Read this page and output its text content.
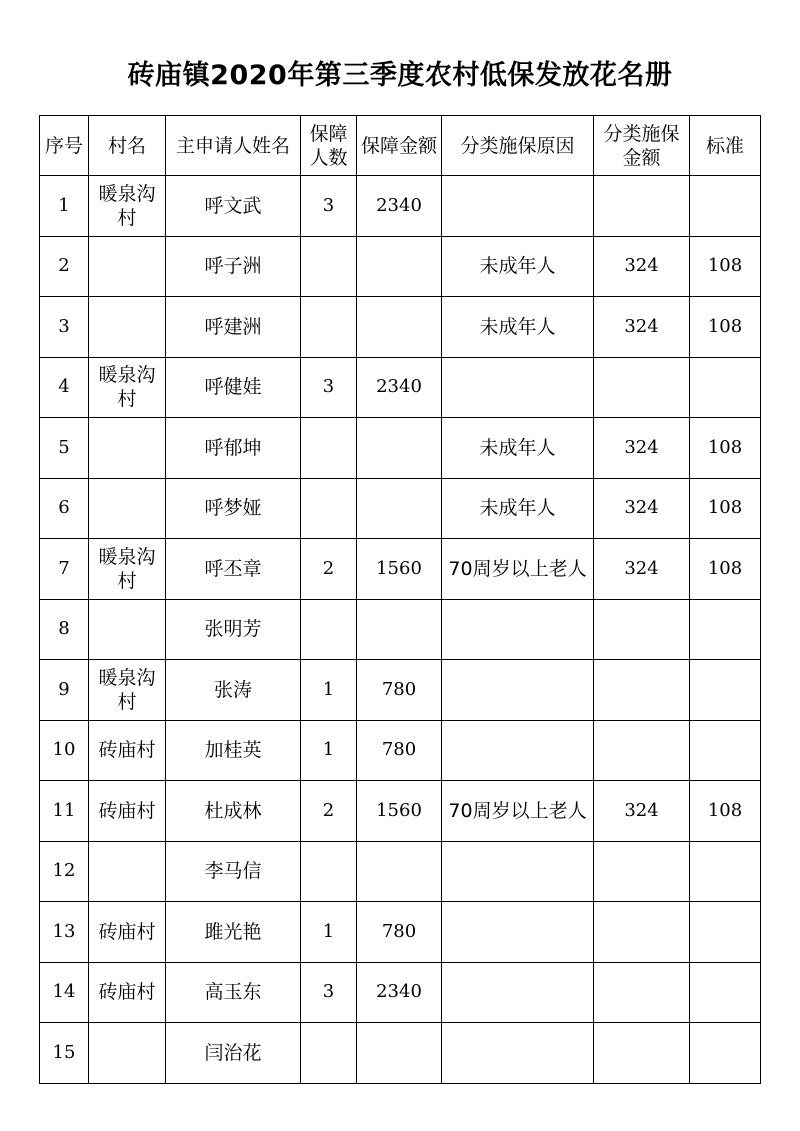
砖庙镇2020年第三季度农村低保发放花名册
序号	村名	主申请人姓名	保障人数	保障金额	分类施保原因	分类施保金额	标准
1	暖泉沟村	呼文武	3	2340			
2		呼子洲			未成年人	324	108
3		呼建洲			未成年人	324	108
4	暖泉沟村	呼健娃	3	2340			
5		呼郁坤			未成年人	324	108
6		呼梦娅			未成年人	324	108
7	暖泉沟村	呼丕章	2	1560	70周岁以上老人	324	108
8		张明芳					
9	暖泉沟村	张涛	1	780			
10	砖庙村	加桂英	1	780			
11	砖庙村	杜成林	2	1560	70周岁以上老人	324	108
12		李马信					
13	砖庙村	雎光艳	1	780			
14	砖庙村	高玉东	3	2340			
15		闫治花					
